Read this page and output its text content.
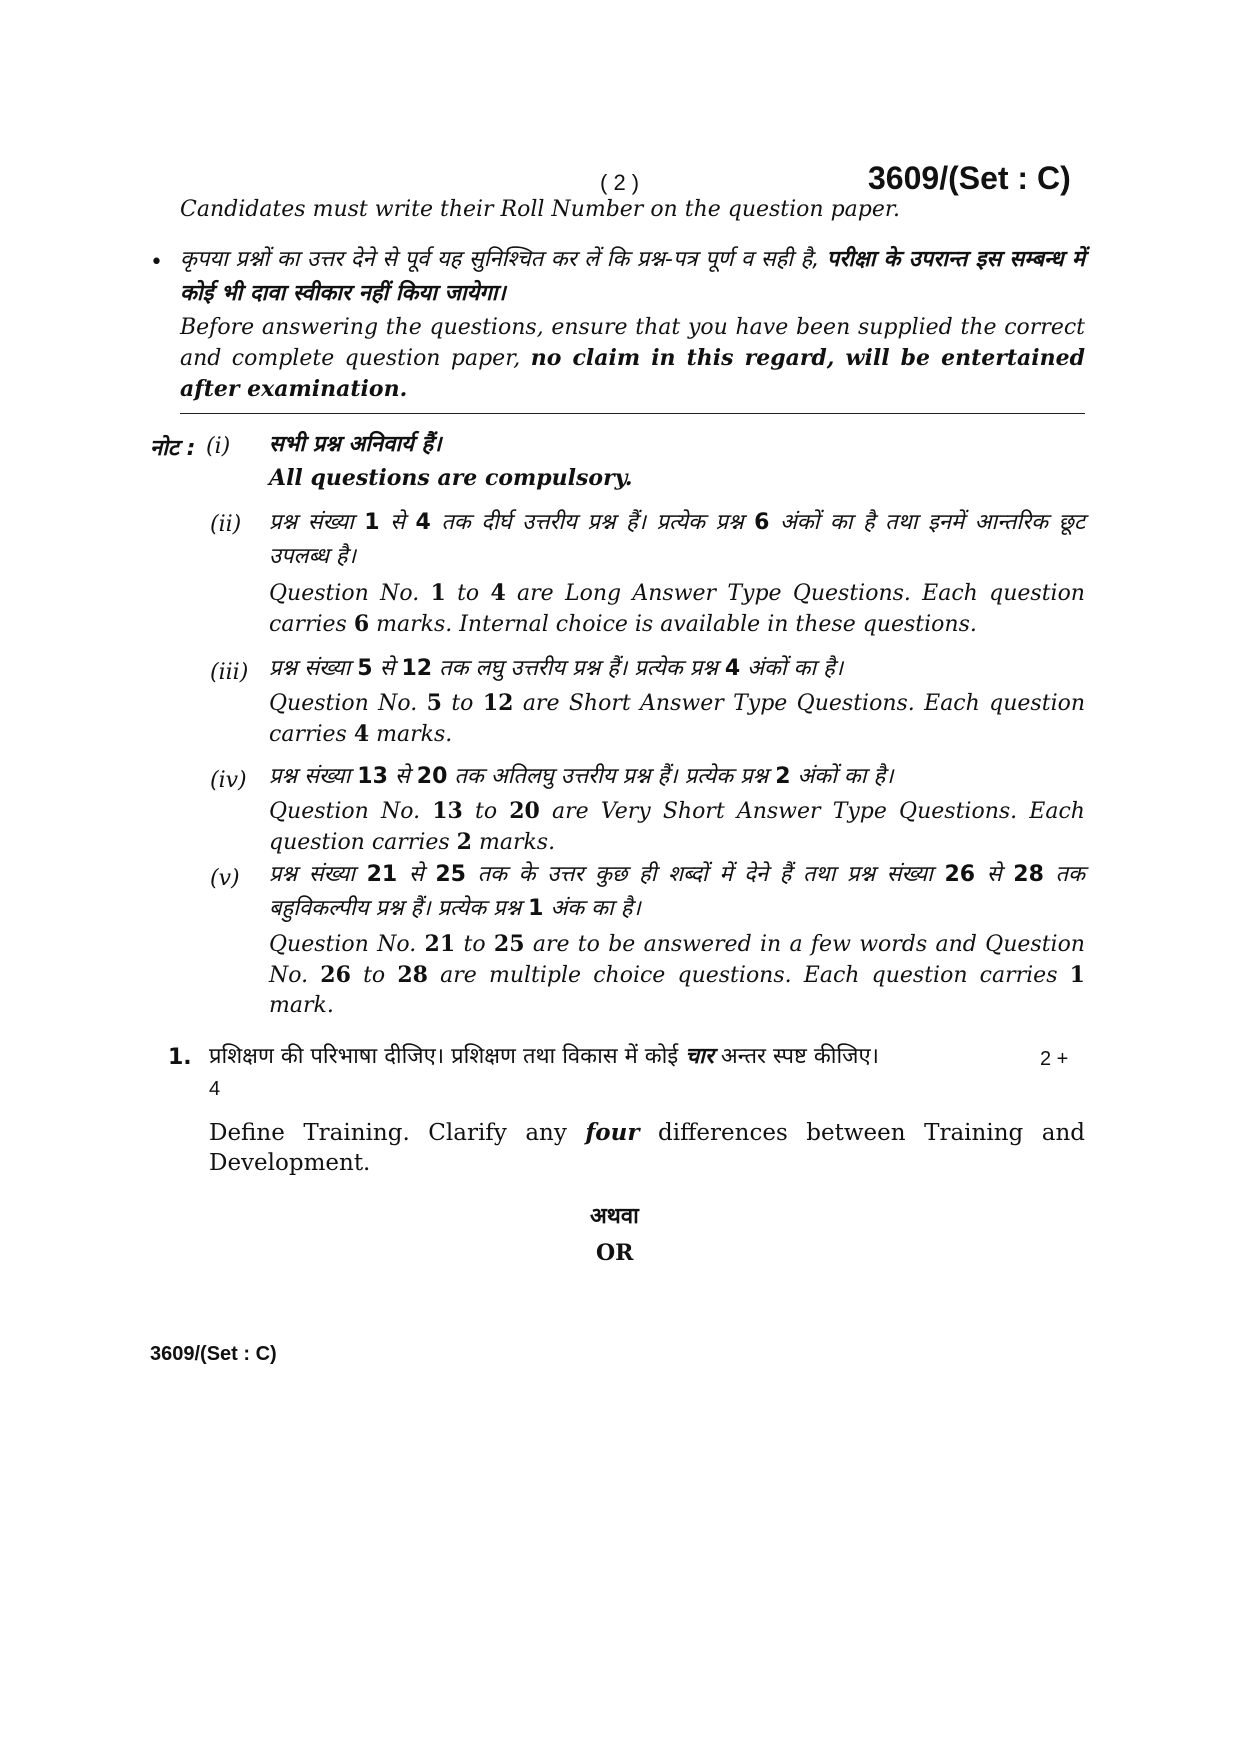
( 2 )	3609/(Set : C)
Candidates must write their Roll Number on the question paper.
• कृपया प्रश्नों का उत्तर देने से पूर्व यह सुनिश्चित कर लें कि प्रश्न-पत्र पूर्ण व सही है, परीक्षा के उपरान्त इस सम्बन्ध में कोई भी दावा स्वीकार नहीं किया जायेगा।
Before answering the questions, ensure that you have been supplied the correct and complete question paper, no claim in this regard, will be entertained after examination.
नोट : (i) सभी प्रश्न अनिवार्य हैं।
All questions are compulsory.
(ii) प्रश्न संख्या 1 से 4 तक दीर्घ उत्तरीय प्रश्न हैं। प्रत्येक प्रश्न 6 अंकों का है तथा इनमें आन्तरिक छूट उपलब्ध है।
Question No. 1 to 4 are Long Answer Type Questions. Each question carries 6 marks. Internal choice is available in these questions.
(iii) प्रश्न संख्या 5 से 12 तक लघु उत्तरीय प्रश्न हैं। प्रत्येक प्रश्न 4 अंकों का है।
Question No. 5 to 12 are Short Answer Type Questions. Each question carries 4 marks.
(iv) प्रश्न संख्या 13 से 20 तक अतिलघु उत्तरीय प्रश्न हैं। प्रत्येक प्रश्न 2 अंकों का है।
Question No. 13 to 20 are Very Short Answer Type Questions. Each question carries 2 marks.
(v) प्रश्न संख्या 21 से 25 तक के उत्तर कुछ ही शब्दों में देने हैं तथा प्रश्न संख्या 26 से 28 तक बहुविकल्पीय प्रश्न हैं। प्रत्येक प्रश्न 1 अंक का है।
Question No. 21 to 25 are to be answered in a few words and Question No. 26 to 28 are multiple choice questions. Each question carries 1 mark.
1. प्रशिक्षण की परिभाषा दीजिए। प्रशिक्षण तथा विकास में कोई चार अन्तर स्पष्ट कीजिए।	2 +
4
Define Training. Clarify any four differences between Training and Development.
अथवा
OR
3609/(Set : C)
